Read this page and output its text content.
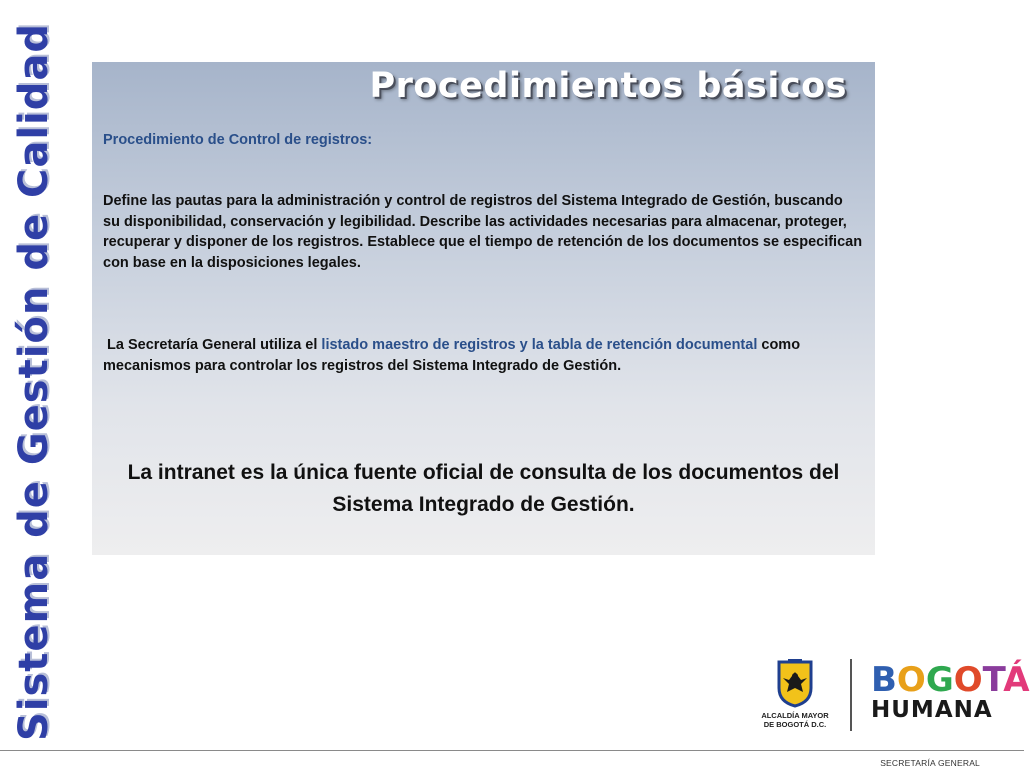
Sistema de Gestión de Calidad	Procedimientos básicos
Procedimiento de Control de registros:
Define las pautas para la administración y control de registros del Sistema Integrado de Gestión, buscando su disponibilidad, conservación y legibilidad. Describe las actividades necesarias para almacenar, proteger, recuperar y disponer de los registros. Establece que el tiempo de retención de los documentos se especifican con base en la disposiciones legales.
La Secretaría General utiliza el listado maestro de registros y la tabla de retención documental como mecanismos para controlar los registros del Sistema Integrado de Gestión.
La intranet es la única fuente oficial de consulta de los documentos del Sistema Integrado de Gestión.
ALCALDÍA MAYOR
DE BOGOTÁ D.C.
BOGOTÁ
HUMANA
SECRETARÍA GENERAL
